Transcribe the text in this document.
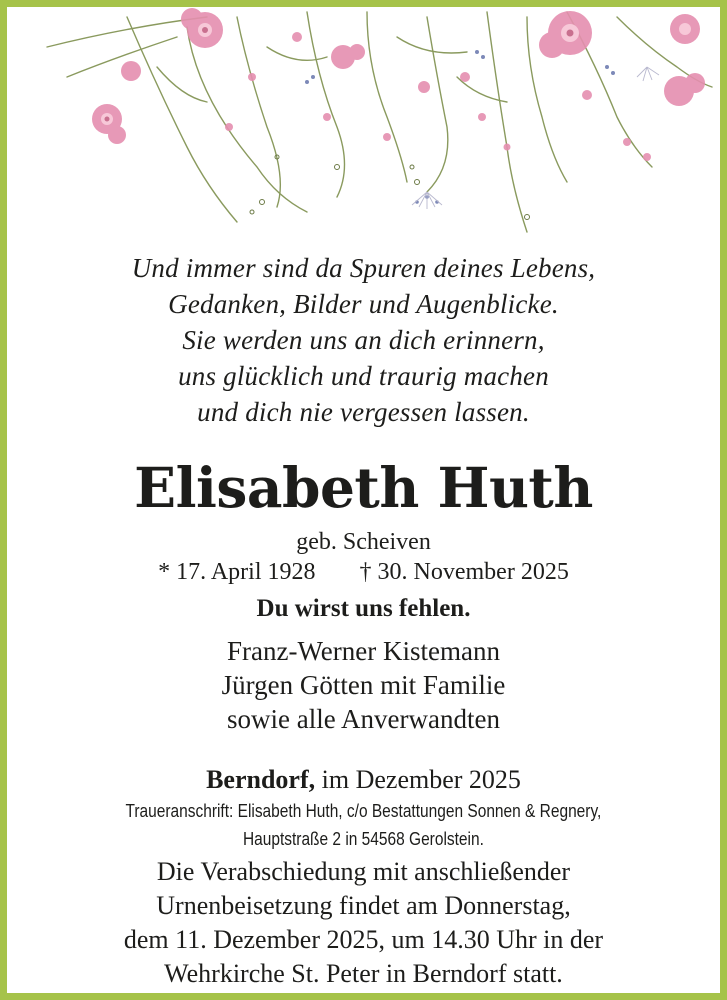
Und immer sind da Spuren deines Lebens,
Gedanken, Bilder und Augenblicke.
Sie werden uns an dich erinnern,
uns glücklich und traurig machen
und dich nie vergessen lassen.
Elisabeth Huth
geb. Scheiven
* 17. April 1928 † 30. November 2025
Du wirst uns fehlen.
Franz-Werner Kistemann
Jürgen Götten mit Familie
sowie alle Anverwandten
Berndorf, im Dezember 2025
Traueranschrift: Elisabeth Huth, c/o Bestattungen Sonnen & Regnery,
Hauptstraße 2 in 54568 Gerolstein.
Die Verabschiedung mit anschließender
Urnenbeisetzung findet am Donnerstag,
dem 11. Dezember 2025, um 14.30 Uhr in der
Wehrkirche St. Peter in Berndorf statt.
